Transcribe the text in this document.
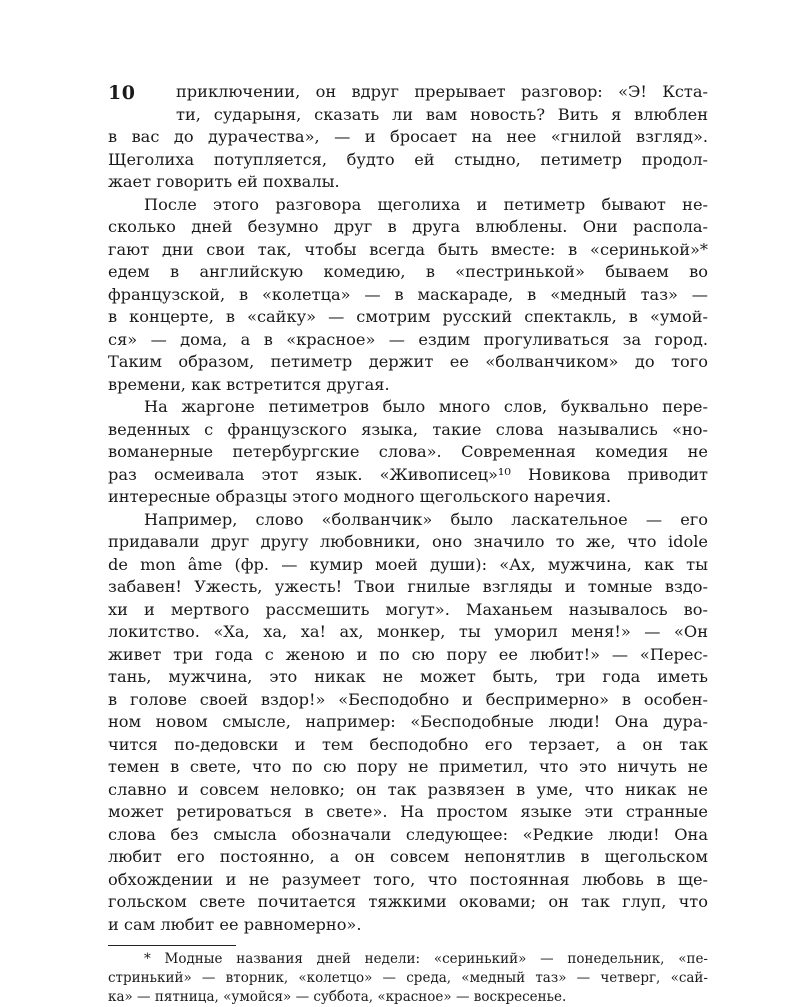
10	приключении, он вдруг прерывает разговор: «Э! Кста-
ти, сударыня, сказать ли вам новость? Вить я влюблен
в вас до дурачества», — и бросает на нее «гнилой взгляд».
Щеголиха потупляется, будто ей стыдно, петиметр продол-
жает говорить ей похвалы.
После этого разговора щеголиха и петиметр бывают не-
сколько дней безумно друг в друга влюблены. Они распола-
гают дни свои так, чтобы всегда быть вместе: в «серинькой»*
едем в английскую комедию, в «пестринькой» бываем во
французской, в «колетца» — в маскараде, в «медный таз» —
в концерте, в «сайку» — смотрим русский спектакль, в «умой-
ся» — дома, а в «красное» — ездим прогуливаться за город.
Таким образом, петиметр держит ее «болванчиком» до того
времени, как встретится другая.
На жаргоне петиметров было много слов, буквально пере-
веденных с французского языка, такие слова назывались «но-
воманерные петербургские слова». Современная комедия не
раз осмеивала этот язык. «Живописец»¹⁰ Новикова приводит
интересные образцы этого модного щегольского наречия.
Например, слово «болванчик» было ласкательное — его
придавали друг другу любовники, оно значило то же, что idole
de mon âme (фр. — кумир моей души): «Ах, мужчина, как ты
забавен! Ужесть, ужесть! Твои гнилые взгляды и томные вздо-
хи и мертвого рассмешить могут». Маханьем называлось во-
локитство. «Ха, ха, ха! ах, монкер, ты уморил меня!» — «Он
живет три года с женою и по сю пору ее любит!» — «Перес-
тань, мужчина, это никак не может быть, три года иметь
в голове своей вздор!» «Бесподобно и беспримерно» в особен-
ном новом смысле, например: «Бесподобные люди! Она дура-
чится по-дедовски и тем бесподобно его терзает, а он так
темен в свете, что по сю пору не приметил, что это ничуть не
славно и совсем неловко; он так развязен в уме, что никак не
может ретироваться в свете». На простом языке эти странные
слова без смысла обозначали следующее: «Редкие люди! Она
любит его постоянно, а он совсем непонятлив в щегольском
обхождении и не разумеет того, что постоянная любовь в ще-
гольском свете почитается тяжкими оковами; он так глуп, что
и сам любит ее равномерно».
* Модные названия дней недели: «серинький» — понедельник, «пе-
стринький» — вторник, «колетцо» — среда, «медный таз» — четверг, «сай-
ка» — пятница, «умойся» — суббота, «красное» — воскресенье.
